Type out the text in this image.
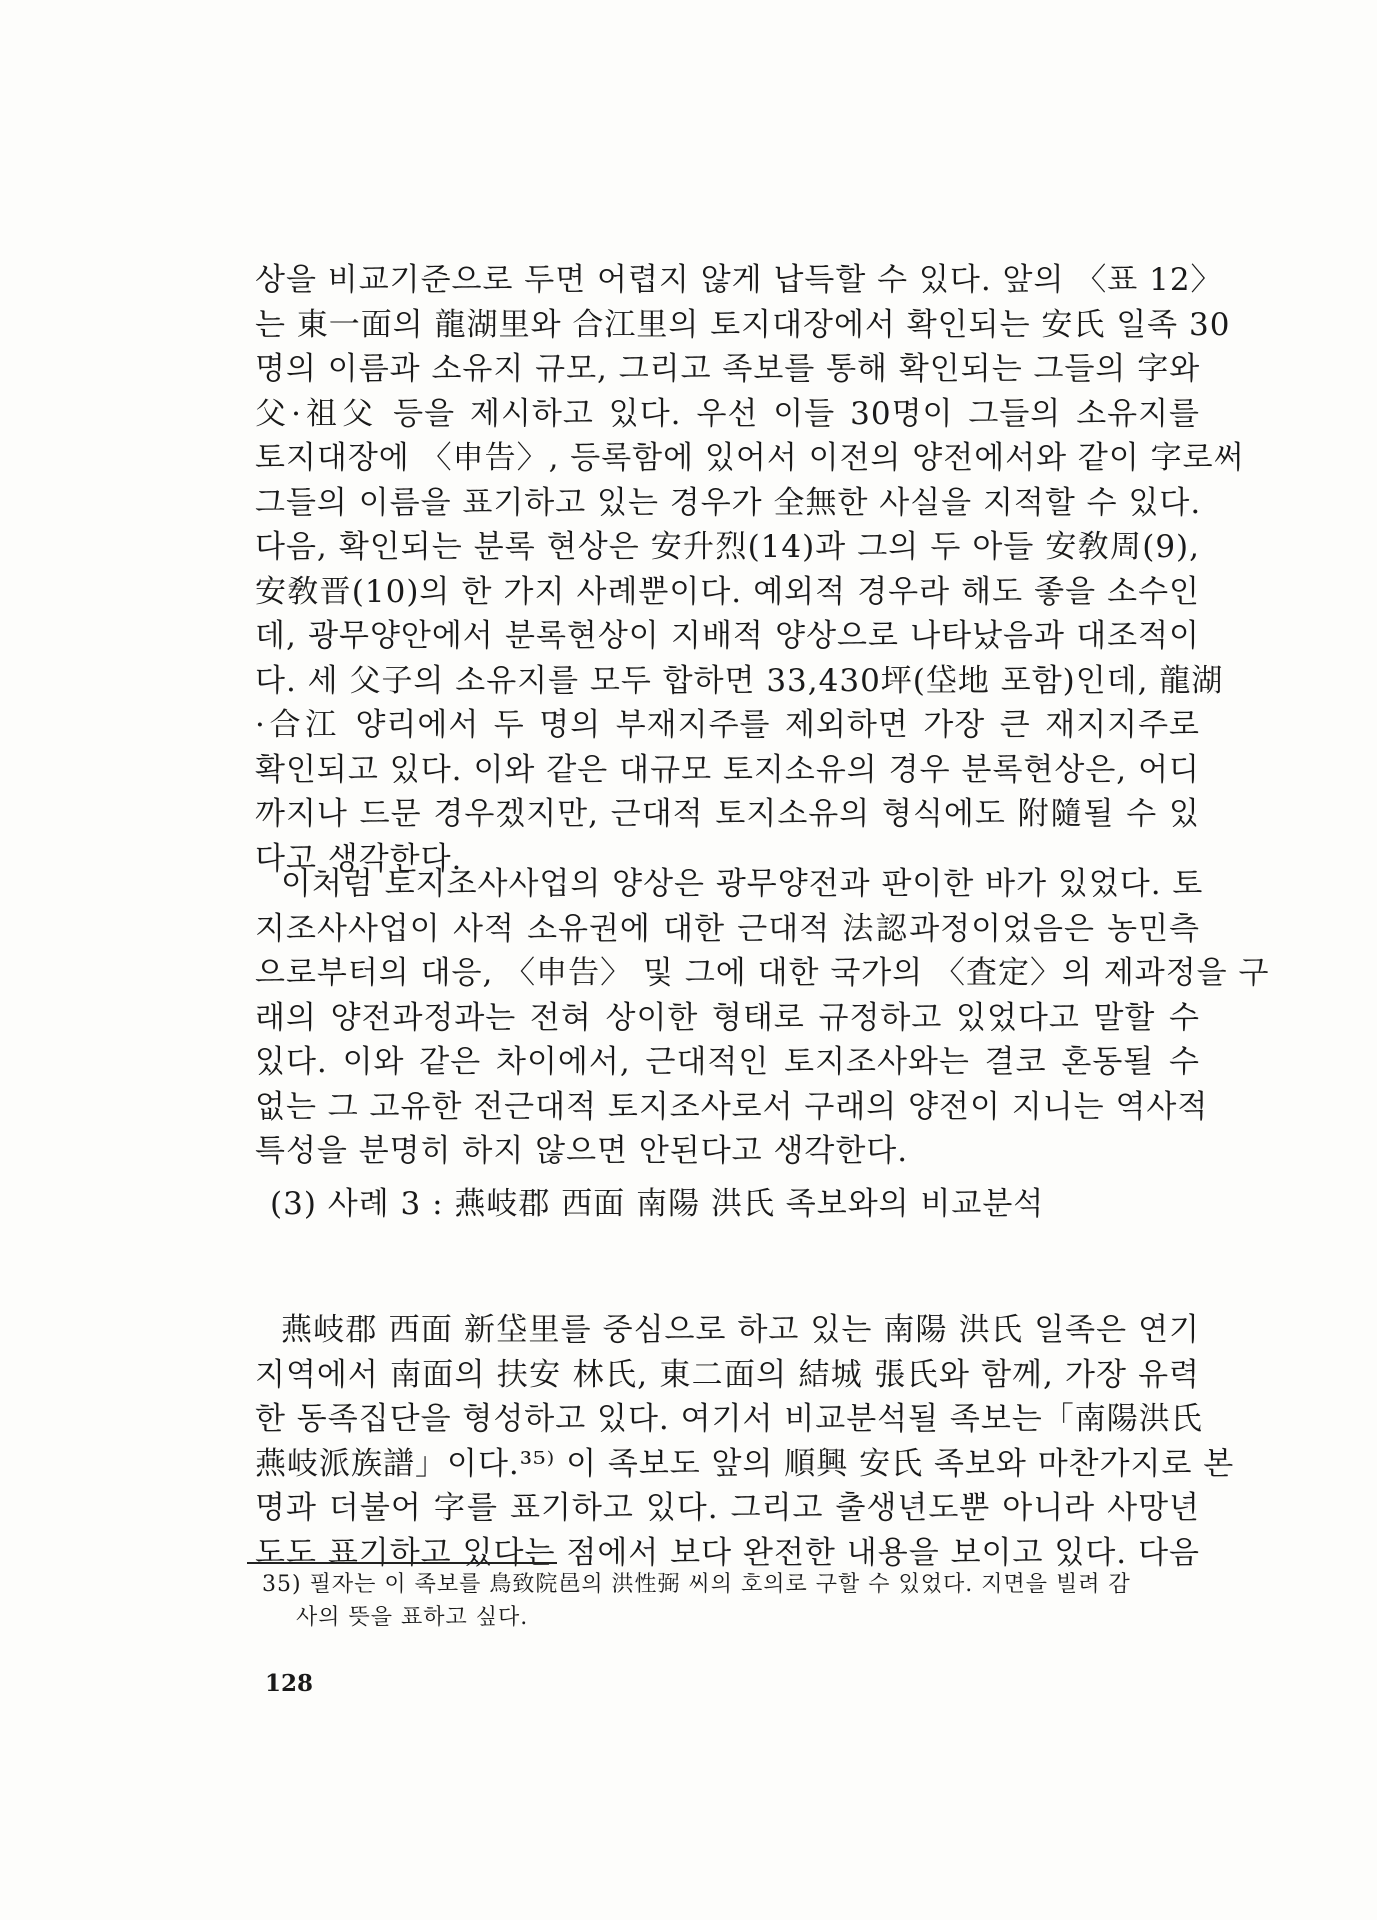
상을 비교기준으로 두면 어렵지 않게 납득할 수 있다. 앞의 〈표 12〉
는 東一面의 龍湖里와 合江里의 토지대장에서 확인되는 安氏 일족 30
명의 이름과 소유지 규모, 그리고 족보를 통해 확인되는 그들의 字와
父·祖父 등을 제시하고 있다. 우선 이들 30명이 그들의 소유지를
토지대장에 〈申告〉, 등록함에 있어서 이전의 양전에서와 같이 字로써
그들의 이름을 표기하고 있는 경우가 全無한 사실을 지적할 수 있다.
다음, 확인되는 분록 현상은 安升烈(14)과 그의 두 아들 安敎周(9),
安敎晋(10)의 한 가지 사례뿐이다. 예외적 경우라 해도 좋을 소수인
데, 광무양안에서 분록현상이 지배적 양상으로 나타났음과 대조적이
다. 세 父子의 소유지를 모두 합하면 33,430坪(垈地 포함)인데, 龍湖
·合江 양리에서 두 명의 부재지주를 제외하면 가장 큰 재지지주로
확인되고 있다. 이와 같은 대규모 토지소유의 경우 분록현상은, 어디
까지나 드문 경우겠지만, 근대적 토지소유의 형식에도 附隨될 수 있
다고 생각한다.
이처럼 토지조사사업의 양상은 광무양전과 판이한 바가 있었다. 토
지조사사업이 사적 소유권에 대한 근대적 法認과정이었음은 농민측
으로부터의 대응, 〈申告〉 및 그에 대한 국가의 〈査定〉의 제과정을 구
래의 양전과정과는 전혀 상이한 형태로 규정하고 있었다고 말할 수
있다. 이와 같은 차이에서, 근대적인 토지조사와는 결코 혼동될 수
없는 그 고유한 전근대적 토지조사로서 구래의 양전이 지니는 역사적
특성을 분명히 하지 않으면 안된다고 생각한다.
(3) 사례 3 : 燕岐郡 西面 南陽 洪氏 족보와의 비교분석
燕岐郡 西面 新垈里를 중심으로 하고 있는 南陽 洪氏 일족은 연기
지역에서 南面의 扶安 林氏, 東二面의 結城 張氏와 함께, 가장 유력
한 동족집단을 형성하고 있다. 여기서 비교분석될 족보는「南陽洪氏
燕岐派族譜」이다.³⁵⁾ 이 족보도 앞의 順興 安氏 족보와 마찬가지로 본
명과 더불어 字를 표기하고 있다. 그리고 출생년도뿐 아니라 사망년
도도 표기하고 있다는 점에서 보다 완전한 내용을 보이고 있다. 다음
35) 필자는 이 족보를 鳥致院邑의 洪性弼 씨의 호의로 구할 수 있었다. 지면을 빌려 감
사의 뜻을 표하고 싶다.
128
